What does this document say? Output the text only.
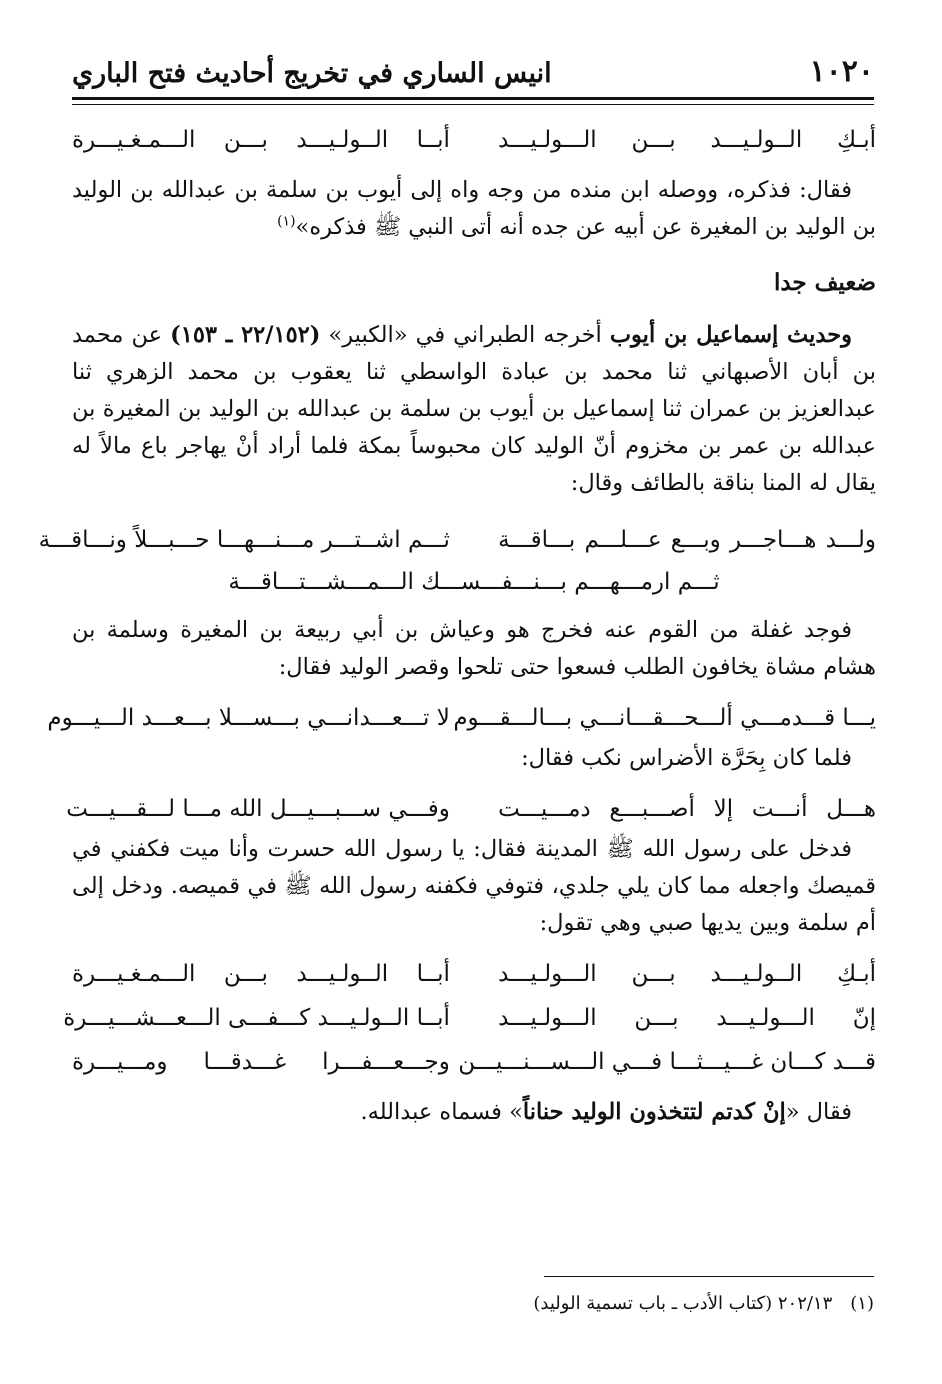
١٠٢٠
انيس الساري في تخريج أحاديث فتح الباري
أبـكِ الــولـيـــد بـــن الـــولـيـــد
أبــا الــولـيـــد بـــن الـــمـغـيـــرة

فقال: فذكره، ووصله ابن منده من وجه واه إلى أيوب بن سلمة بن عبدالله بن الوليد بن الوليد بن المغيرة عن أبيه عن جده أنه أتى النبي ﷺ فذكره»$^{(١)}$

ضعيف جدا

وحديث إسماعيل بن أيوب أخرجه الطبراني في «الكبير» (٢٢/١٥٢ ـ ١٥٣) عن محمد بن أبان الأصبهاني ثنا محمد بن عبادة الواسطي ثنا يعقوب بن محمد الزهري ثنا عبدالعزيز بن عمران ثنا إسماعيل بن أيوب بن سلمة بن عبدالله بن الوليد بن المغيرة بن عبدالله بن عمر بن مخزوم أنّ الوليد كان محبوساً بمكة فلما أراد أنْ يهاجر باع مالاً له يقال له المنا بناقة بالطائف وقال:

ولـــد هـــاجـــر وبـــع عـــلـــم بـــاقـــة
ثـــم اشــتـــر مـــنـــهـــا حـــبـــلاً ونـــاقـــة
ثـــم ارمـــهـــم بـــنـــفـــســـك الـــمـــشـــتـــاقـــة

فوجد غفلة من القوم عنه فخرج هو وعياش بن أبي ربيعة بن المغيرة وسلمة بن هشام مشاة يخافون الطلب فسعوا حتى تلحوا وقصر الوليد فقال:

يـــا قـــدمـــي ألـــحـــقـــانـــي بـــالـــقـــوم
لا تـــعـــدانـــي بـــســـلا بـــعـــد الـــيـــوم

فلما كان بِحَرَّة الأضراس نكب فقال:

هـــل أنـــت إلا أصـــبـــع دمـــيـــت
وفـــي ســـبـــيـــل الله مـــا لـــقـــيـــت

فدخل على رسول الله ﷺ المدينة فقال: يا رسول الله حسرت وأنا ميت فكفني في قميصك واجعله مما كان يلي جلدي، فتوفي فكفنه رسول الله ﷺ في قميصه. ودخل إلى أم سلمة وبين يديها صبي وهي تقول:

أبـكِ الــولـيـــد بـــن الـــولـيـــد
أبــا الــولـيـــد بـــن الـــمـغـيـــرة
إنّ الـــولـيـــد بـــن الـــولـيـــد
أبــا الــولـيـــد كـــفـــى الـــعـــشـــيـــرة
قـــد كـــان غـــيـــثـــا فـــي الـــســـنـــيـــن
وجـــعـــفـــرا غـــدقـــا ومـــيـــرة

فقال «إنْ كدتم لتتخذون الوليد حناناً» فسماه عبدالله.

(١)٢٠٢/١٣ (كتاب الأدب ـ باب تسمية الوليد)
